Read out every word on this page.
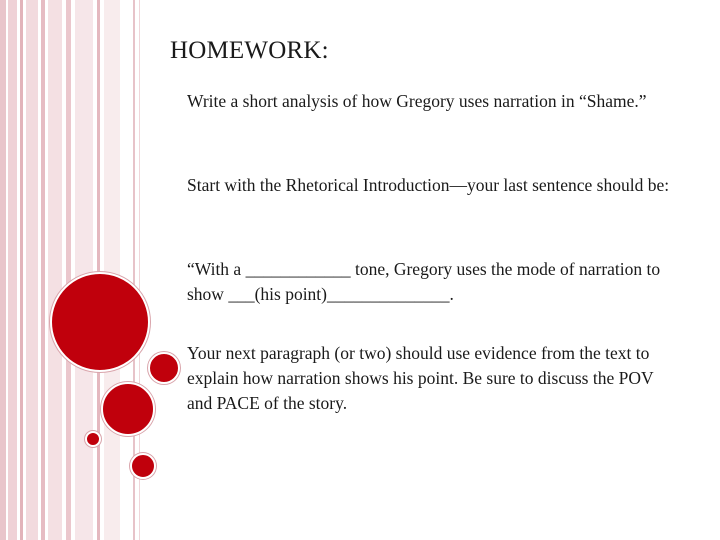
HOMEWORK:

Write a short analysis of how Gregory uses narration in “Shame.”

Start with the Rhetorical Introduction—your last sentence should be:

“With a ____________ tone, Gregory uses the mode of narration to show ___(his point)______________.

Your next paragraph (or two) should use evidence from the text to explain how narration shows his point. Be sure to discuss the POV and PACE of the story.
